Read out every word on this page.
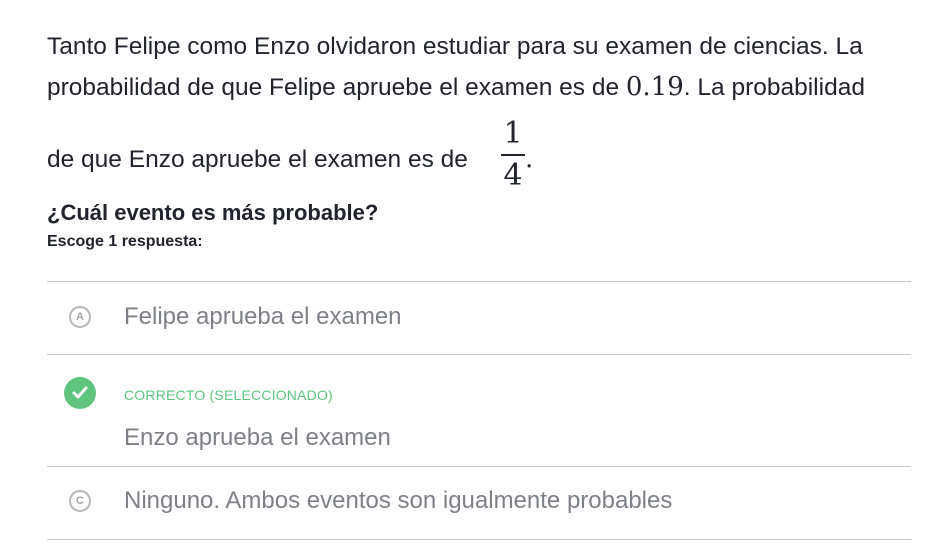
Tanto Felipe como Enzo olvidaron estudiar para su examen de ciencias. La
probabilidad de que Felipe apruebe el examen es de 0.19. La probabilidad
de que Enzo apruebe el examen es de
1
4 .
¿Cuál evento es más probable?
Escoge 1 respuesta:
A Felipe aprueba el examen
CORRECTO (SELECCIONADO)
Enzo aprueba el examen
C Ninguno. Ambos eventos son igualmente probables
